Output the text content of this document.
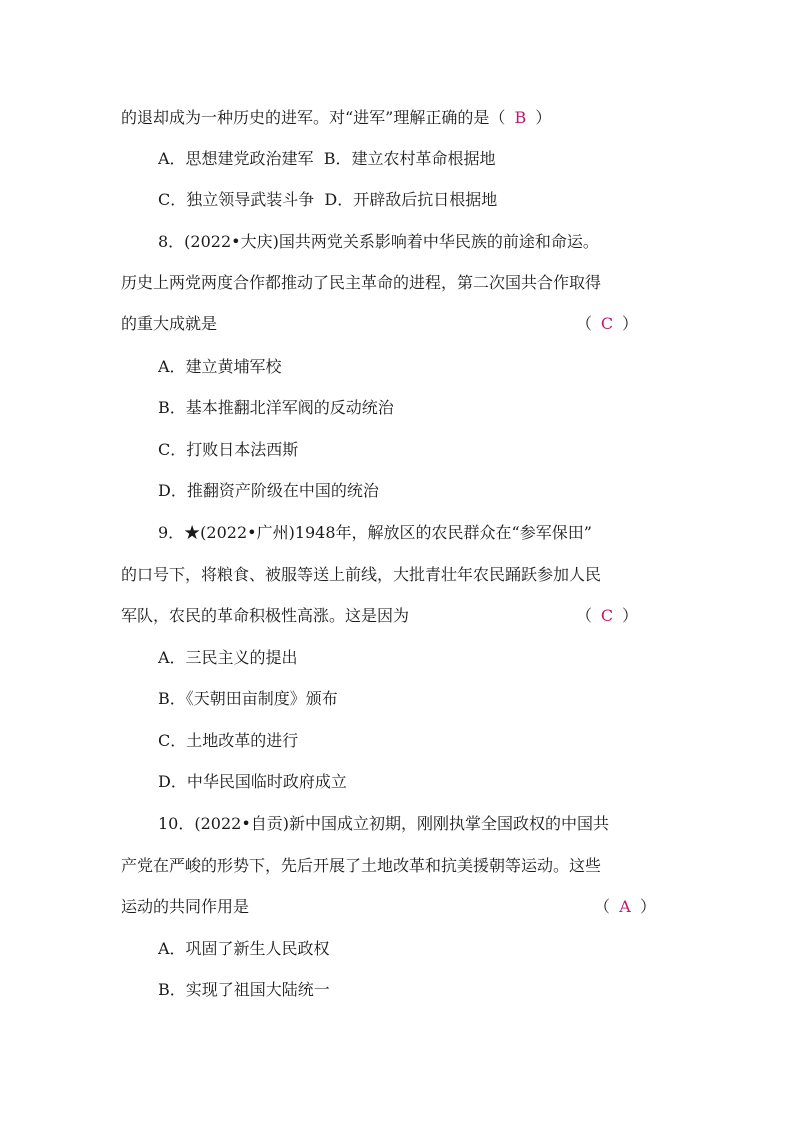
的退却成为一种历史的进军。对“进军”理解正确的是（ B ）
A．思想建党政治建军 B．建立农村革命根据地
C．独立领导武装斗争 D．开辟敌后抗日根据地
8．(2022•大庆)国共两党关系影响着中华民族的前途和命运。
历史上两党两度合作都推动了民主革命的进程，第二次国共合作取得
的重大成就是	（ C ）
A．建立黄埔军校
B．基本推翻北洋军阀的反动统治
C．打败日本法西斯
D．推翻资产阶级在中国的统治
9．★(2022•广州)1948年，解放区的农民群众在“参军保田”
的口号下，将粮食、被服等送上前线，大批青壮年农民踊跃参加人民
军队，农民的革命积极性高涨。这是因为	（ C ）
A．三民主义的提出
B．《天朝田亩制度》颁布
C．土地改革的进行
D．中华民国临时政府成立
10．(2022•自贡)新中国成立初期，刚刚执掌全国政权的中国共
产党在严峻的形势下，先后开展了土地改革和抗美援朝等运动。这些
运动的共同作用是	（ A ）
A．巩固了新生人民政权
B．实现了祖国大陆统一
